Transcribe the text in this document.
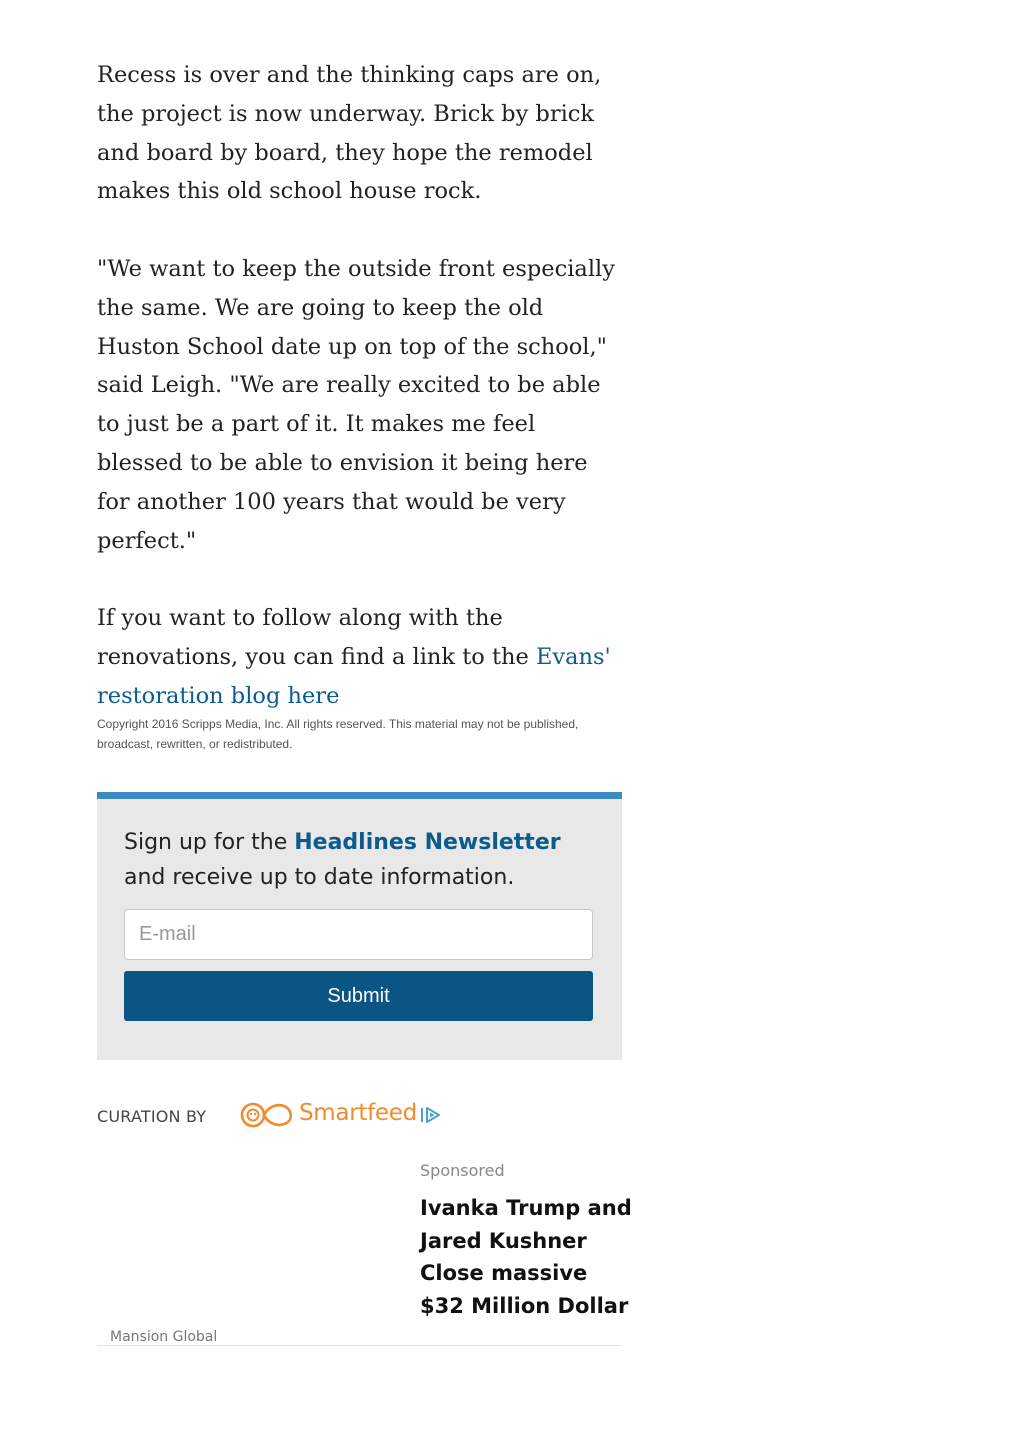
Recess is over and the thinking caps are on, the project is now underway. Brick by brick and board by board, they hope the remodel makes this old school house rock.

"We want to keep the outside front especially the same. We are going to keep the old Huston School date up on top of the school," said Leigh. "We are really excited to be able to just be a part of it. It makes me feel blessed to be able to envision it being here for another 100 years that would be very perfect."

If you want to follow along with the renovations, you can find a link to the Evans' restoration blog here

Copyright 2016 Scripps Media, Inc. All rights reserved. This material may not be published, broadcast, rewritten, or redistributed.
Sign up for the Headlines Newsletter and receive up to date information.
E-mail
Submit
CURATION BY	Smartfeed
Sponsored
Ivanka Trump and Jared Kushner Close massive $32 Million Dollar
Mansion Global
